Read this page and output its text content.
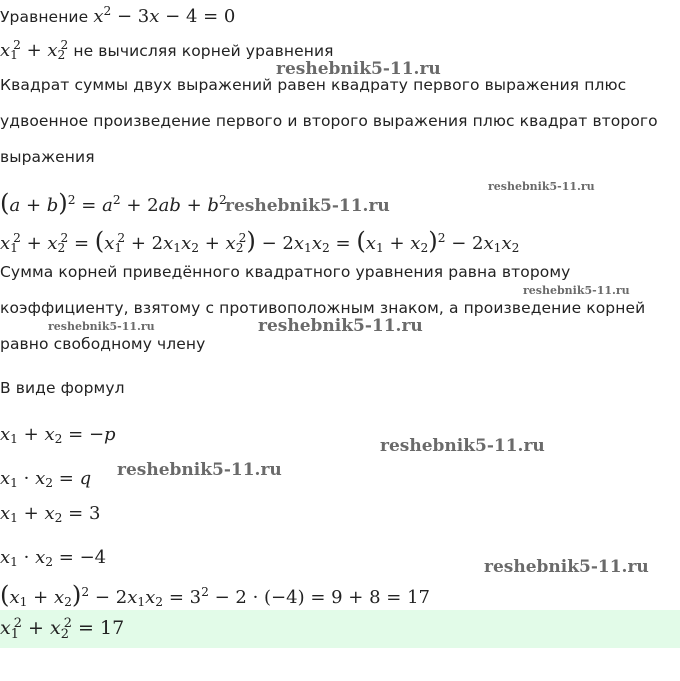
Уравнение $x^2 - 3x - 4 = 0$
$x_1^2 + x_2^2$ не вычисляя корней уравнения
Квадрат суммы двух выражений равен квадрату первого выражения плюс
удвоенное произведение первого и второго выражения плюс квадрат второго
выражения
$(a + b)^2 = a^2 + 2ab + b^2$
$x_1^2 + x_2^2 = (x_1^2 + 2x_1x_2 + x_2^2) - 2x_1x_2 = (x_1 + x_2)^2 - 2x_1x_2$
Сумма корней приведённого квадратного уравнения равна второму
коэффициенту, взятому с противоположным знаком, а произведение корней
равно свободному члену
В виде формул
$x_1 + x_2 = -p$
$x_1 \cdot x_2 = q$
$x_1 + x_2 = 3$
$x_1 \cdot x_2 = -4$
$(x_1 + x_2)^2 - 2x_1x_2 = 3^2 - 2 \cdot (-4) = 9 + 8 = 17$
$x_1^2 + x_2^2 = 17$
reshebnik5-11.ru
reshebnik5-11.ru
reshebnik5-11.ru
reshebnik5-11.ru
reshebnik5-11.ru	reshebnik5-11.ru
reshebnik5-11.ru
reshebnik5-11.ru
reshebnik5-11.ru
